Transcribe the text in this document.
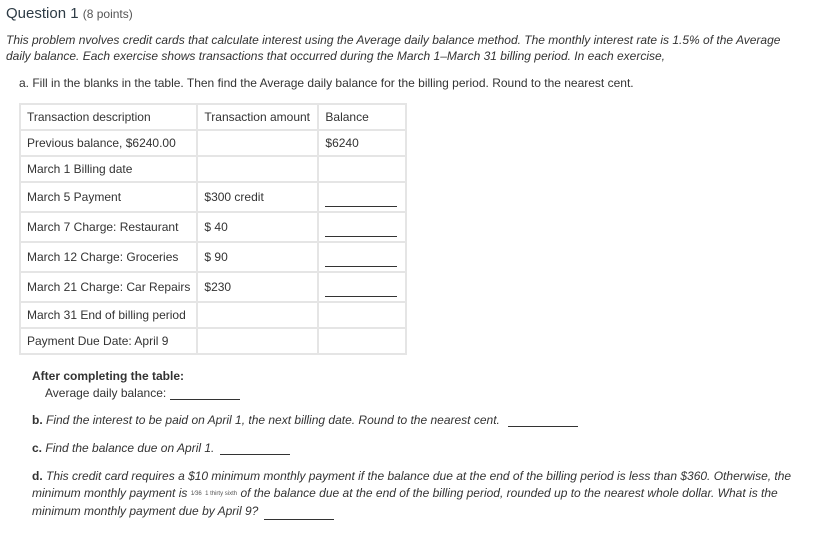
Question 1 (8 points)
This problem nvolves credit cards that calculate interest using the Average daily balance method. The monthly interest rate is 1.5% of the Average daily balance. Each exercise shows transactions that occurred during the March 1–March 31 billing period. In each exercise,
a. Fill in the blanks in the table. Then find the Average daily balance for the billing period. Round to the nearest cent.
Transaction description	Transaction amount	Balance
Previous balance, $6240.00		$6240
March 1 Billing date		
March 5 Payment	$300 credit	
March 7 Charge: Restaurant	$ 40	
March 12 Charge: Groceries	$ 90	
March 21 Charge: Car Repairs	$230	
March 31 End of billing period		
Payment Due Date: April 9		
After completing the table:
Average daily balance:
b. Find the interest to be paid on April 1, the next billing date. Round to the nearest cent.
c. Find the balance due on April 1.
d. This credit card requires a $10 minimum monthly payment if the balance due at the end of the billing period is less than $360. Otherwise, the minimum monthly payment is 1⁄36 1 thirty sixth of the balance due at the end of the billing period, rounded up to the nearest whole dollar. What is the minimum monthly payment due by April 9?
